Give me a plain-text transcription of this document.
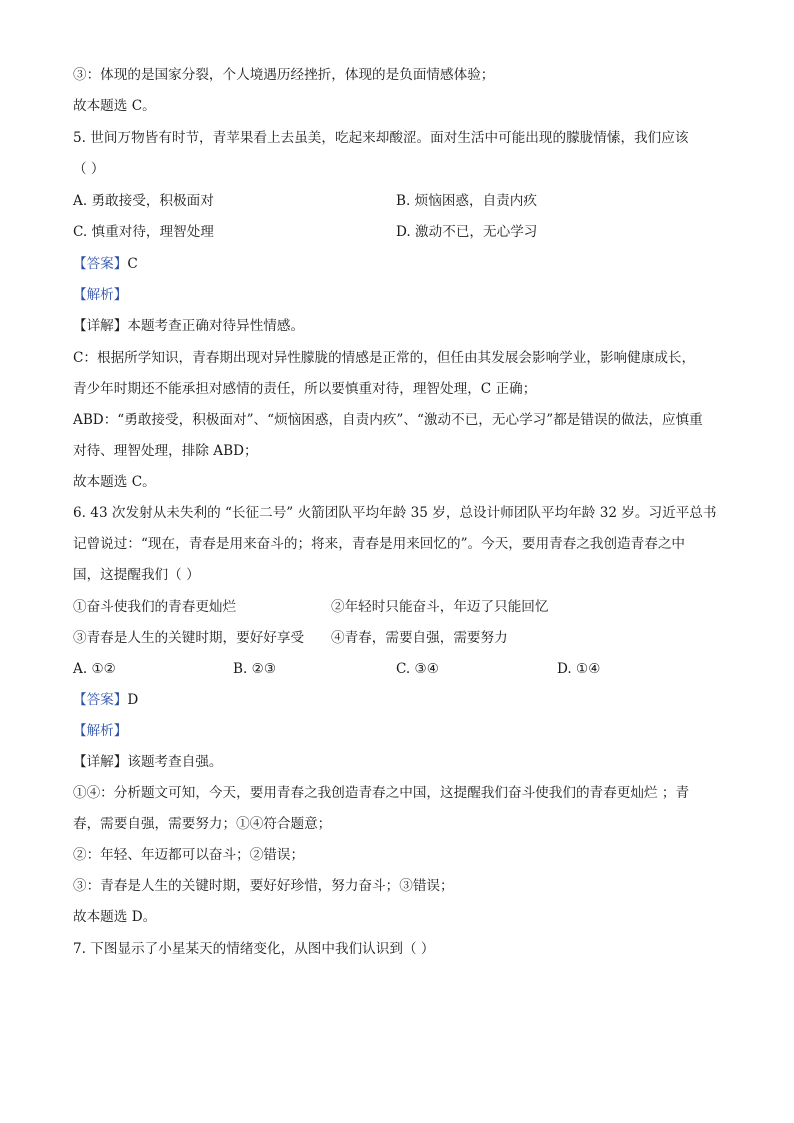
③：体现的是国家分裂，个人境遇历经挫折，体现的是负面情感体验；
故本题选 C。
5. 世间万物皆有时节，青苹果看上去虽美，吃起来却酸涩。面对生活中可能出现的朦胧情愫，我们应该
（ ）
A. 勇敢接受，积极面对	B. 烦恼困惑，自责内疚
C. 慎重对待，理智处理	D. 激动不已，无心学习
【答案】C
【解析】
【详解】本题考查正确对待异性情感。
C：根据所学知识，青春期出现对异性朦胧的情感是正常的，但任由其发展会影响学业，影响健康成长，
青少年时期还不能承担对感情的责任，所以要慎重对待，理智处理，C 正确；
ABD：“勇敢接受，积极面对”、“烦恼困惑，自责内疚”、“激动不已，无心学习”都是错误的做法，应慎重
对待、理智处理，排除 ABD；
故本题选 C。
6. 43 次发射从未失利的 “长征二号” 火箭团队平均年龄 35 岁，总设计师团队平均年龄 32 岁。习近平总书
记曾说过：“现在，青春是用来奋斗的；将来，青春是用来回忆的”。今天，要用青春之我创造青春之中
国，这提醒我们（ ）
①奋斗使我们的青春更灿烂	②年轻时只能奋斗，年迈了只能回忆
③青春是人生的关键时期，要好好享受 ④青春，需要自强，需要努力
A. ①②	B. ②③	C. ③④	D. ①④
【答案】D
【解析】
【详解】该题考查自强。
①④：分析题文可知，今天，要用青春之我创造青春之中国，这提醒我们奋斗使我们的青春更灿烂 ；青
春，需要自强，需要努力；①④符合题意；
②：年轻、年迈都可以奋斗；②错误；
③：青春是人生的关键时期，要好好珍惜，努力奋斗；③错误；
故本题选 D。
7. 下图显示了小星某天的情绪变化，从图中我们认识到（ ）
